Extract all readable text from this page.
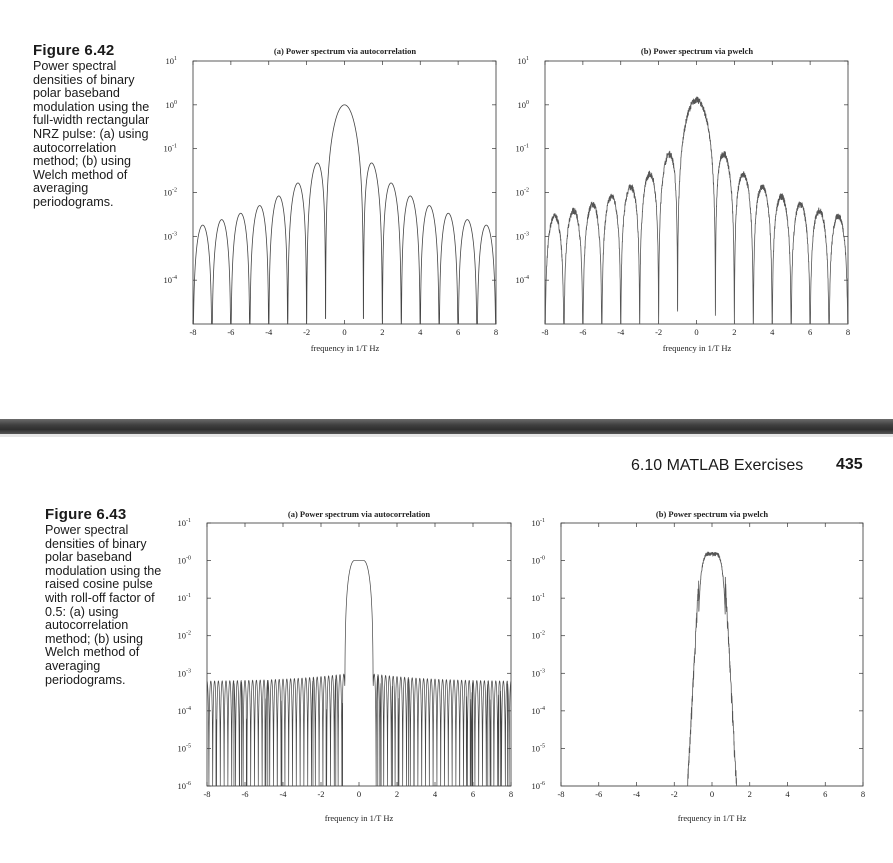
Figure 6.42
Power spectral densities of binary polar baseband modulation using the full-width rectangular NRZ pulse: (a) using autocorrelation method; (b) using Welch method of averaging periodograms.
(a) Power spectrum via autocorrelation
$10^1$
$10^0$
$10^{-1}$
$10^{-2}$
$10^{-3}$
$10^{-4}$
-8	-6	-4	-2	0	2	4	6	8
frequency in 1/T Hz
(b) Power spectrum via pwelch
$10^1$
$10^0$
$10^{-1}$
$10^{-2}$
$10^{-3}$
$10^{-4}$
-8	-6	-4	-2	0	2	4	6	8
frequency in 1/T Hz
(a) Power spectrum via autocorrelation
$10^{-1}$
$10^{-0}$
$10^{-1}$
$10^{-2}$
$10^{-3}$
$10^{-4}$
$10^{-5}$
$10^{-6}$
-8	-6	-4	-2	0	2	4	6	8
frequency in 1/T Hz
(b) Power spectrum via pwelch
$10^{-1}$
$10^{-0}$
$10^{-1}$
$10^{-2}$
$10^{-3}$
$10^{-4}$
$10^{-5}$
$10^{-6}$
-8	-6	-4	-2	0	2	4	6	8
frequency in 1/T Hz
6.10 MATLAB Exercises 435
Figure 6.43
Power spectral densities of binary polar baseband modulation using the raised cosine pulse with roll-off factor of 0.5: (a) using autocorrelation method; (b) using Welch method of averaging periodograms.
